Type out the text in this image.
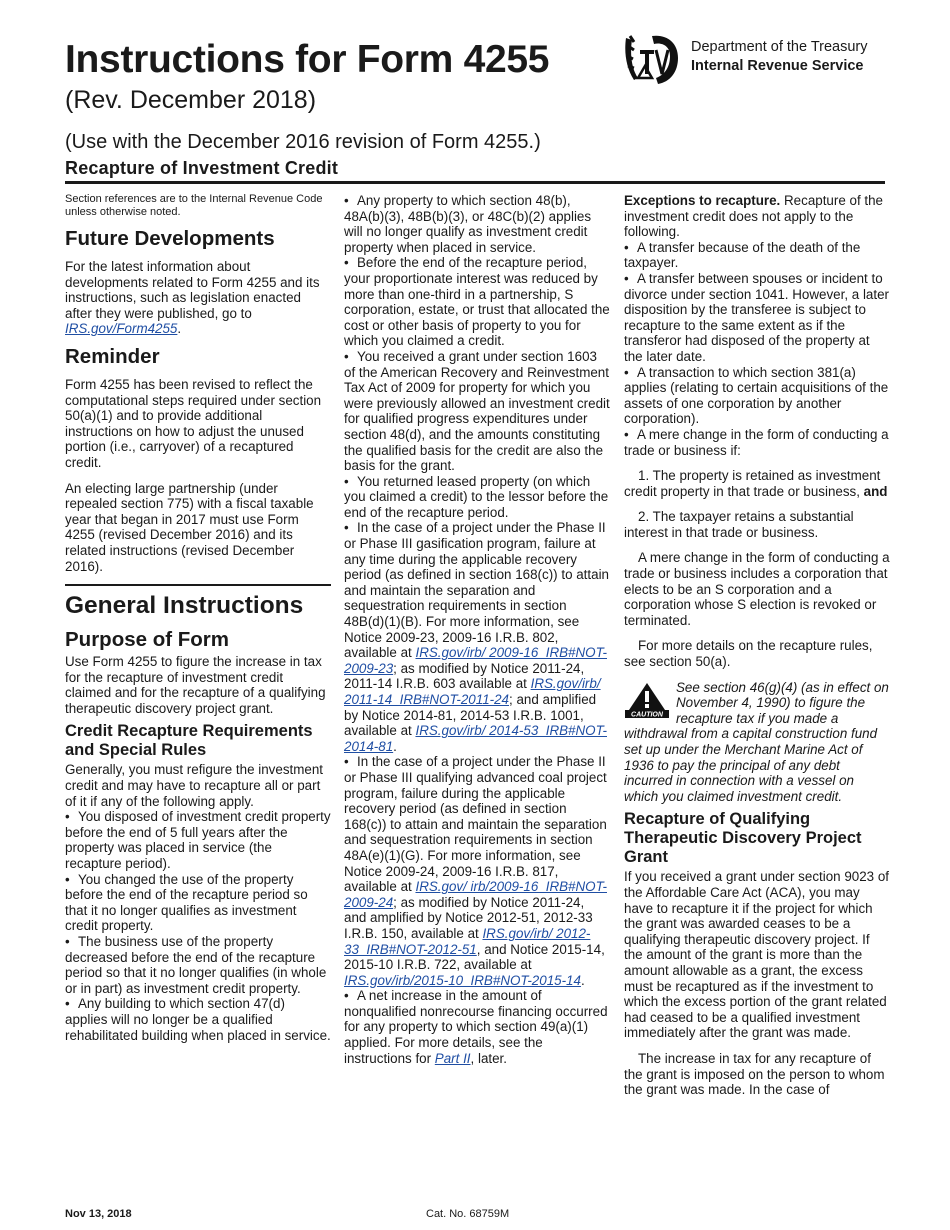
Instructions for Form 4255
(Rev. December 2018)
(Use with the December 2016 revision of Form 4255.)
Recapture of Investment Credit
Department of the Treasury
Internal Revenue Service

Section references are to the Internal Revenue Code unless otherwise noted.

Future Developments

For the latest information about developments related to Form 4255 and its instructions, such as legislation enacted after they were published, go to IRS.gov/Form4255.

Reminder

Form 4255 has been revised to reflect the computational steps required under section 50(a)(1) and to provide additional instructions on how to adjust the unused portion (i.e., carryover) of a recaptured credit.

An electing large partnership (under repealed section 775) with a fiscal taxable year that began in 2017 must use Form 4255 (revised December 2016) and its related instructions (revised December 2016).

General Instructions

Purpose of Form

Use Form 4255 to figure the increase in tax for the recapture of investment credit claimed and for the recapture of a qualifying therapeutic discovery project grant.

Credit Recapture Requirements and Special Rules

Generally, you must refigure the investment credit and may have to recapture all or part of it if any of the following apply.

• You disposed of investment credit property before the end of 5 full years after the property was placed in service (the recapture period).

• You changed the use of the property before the end of the recapture period so that it no longer qualifies as investment credit property.

• The business use of the property decreased before the end of the recapture period so that it no longer qualifies (in whole or in part) as investment credit property.

• Any building to which section 47(d) applies will no longer be a qualified rehabilitated building when placed in service.

• Any property to which section 48(b), 48A(b)(3), 48B(b)(3), or 48C(b)(2) applies will no longer qualify as investment credit property when placed in service.

• Before the end of the recapture period, your proportionate interest was reduced by more than one-third in a partnership, S corporation, estate, or trust that allocated the cost or other basis of property to you for which you claimed a credit.

• You received a grant under section 1603 of the American Recovery and Reinvestment Tax Act of 2009 for property for which you were previously allowed an investment credit for qualified progress expenditures under section 48(d), and the amounts constituting the qualified basis for the credit are also the basis for the grant.

• You returned leased property (on which you claimed a credit) to the lessor before the end of the recapture period.

• In the case of a project under the Phase II or Phase III gasification program, failure at any time during the applicable recovery period (as defined in section 168(c)) to attain and maintain the separation and sequestration requirements in section 48B(d)(1)(B). For more information, see Notice 2009-23, 2009-16 I.R.B. 802, available at IRS.gov/irb/ 2009-16_IRB#NOT-2009-23; as modified by Notice 2011-24, 2011-14 I.R.B. 603 available at IRS.gov/irb/ 2011-14_IRB#NOT-2011-24; and amplified by Notice 2014-81, 2014-53 I.R.B. 1001, available at IRS.gov/irb/ 2014-53_IRB#NOT-2014-81.

• In the case of a project under the Phase II or Phase III qualifying advanced coal project program, failure during the applicable recovery period (as defined in section 168(c)) to attain and maintain the separation and sequestration requirements in section 48A(e)(1)(G). For more information, see Notice 2009-24, 2009-16 I.R.B. 817, available at IRS.gov/ irb/2009-16_IRB#NOT-2009-24; as modified by Notice 2011-24, and amplified by Notice 2012-51, 2012-33 I.R.B. 150, available at IRS.gov/irb/ 2012-33_IRB#NOT-2012-51, and Notice 2015-14, 2015-10 I.R.B. 722, available at IRS.gov/irb/2015-10_IRB#NOT-2015-14.

• A net increase in the amount of nonqualified nonrecourse financing occurred for any property to which section 49(a)(1) applied. For more details, see the instructions for Part II, later.

Exceptions to recapture. Recapture of the investment credit does not apply to the following.

• A transfer because of the death of the taxpayer.

• A transfer between spouses or incident to divorce under section 1041. However, a later disposition by the transferee is subject to recapture to the same extent as if the transferor had disposed of the property at the later date.

• A transaction to which section 381(a) applies (relating to certain acquisitions of the assets of one corporation by another corporation).

• A mere change in the form of conducting a trade or business if:

1. The property is retained as investment credit property in that trade or business, and

2. The taxpayer retains a substantial interest in that trade or business.

A mere change in the form of conducting a trade or business includes a corporation that elects to be an S corporation and a corporation whose S election is revoked or terminated.

For more details on the recapture rules, see section 50(a).

CAUTION
See section 46(g)(4) (as in effect on November 4, 1990) to figure the recapture tax if you made a withdrawal from a capital construction fund set up under the Merchant Marine Act of 1936 to pay the principal of any debt incurred in connection with a vessel on which you claimed investment credit.

Recapture of Qualifying Therapeutic Discovery Project Grant

If you received a grant under section 9023 of the Affordable Care Act (ACA), you may have to recapture it if the project for which the grant was awarded ceases to be a qualifying therapeutic discovery project. If the amount of the grant is more than the amount allowable as a grant, the excess must be recaptured as if the investment to which the excess portion of the grant related had ceased to be a qualified investment immediately after the grant was made.

The increase in tax for any recapture of the grant is imposed on the person to whom the grant was made. In the case of

Nov 13, 2018	Cat. No. 68759M
